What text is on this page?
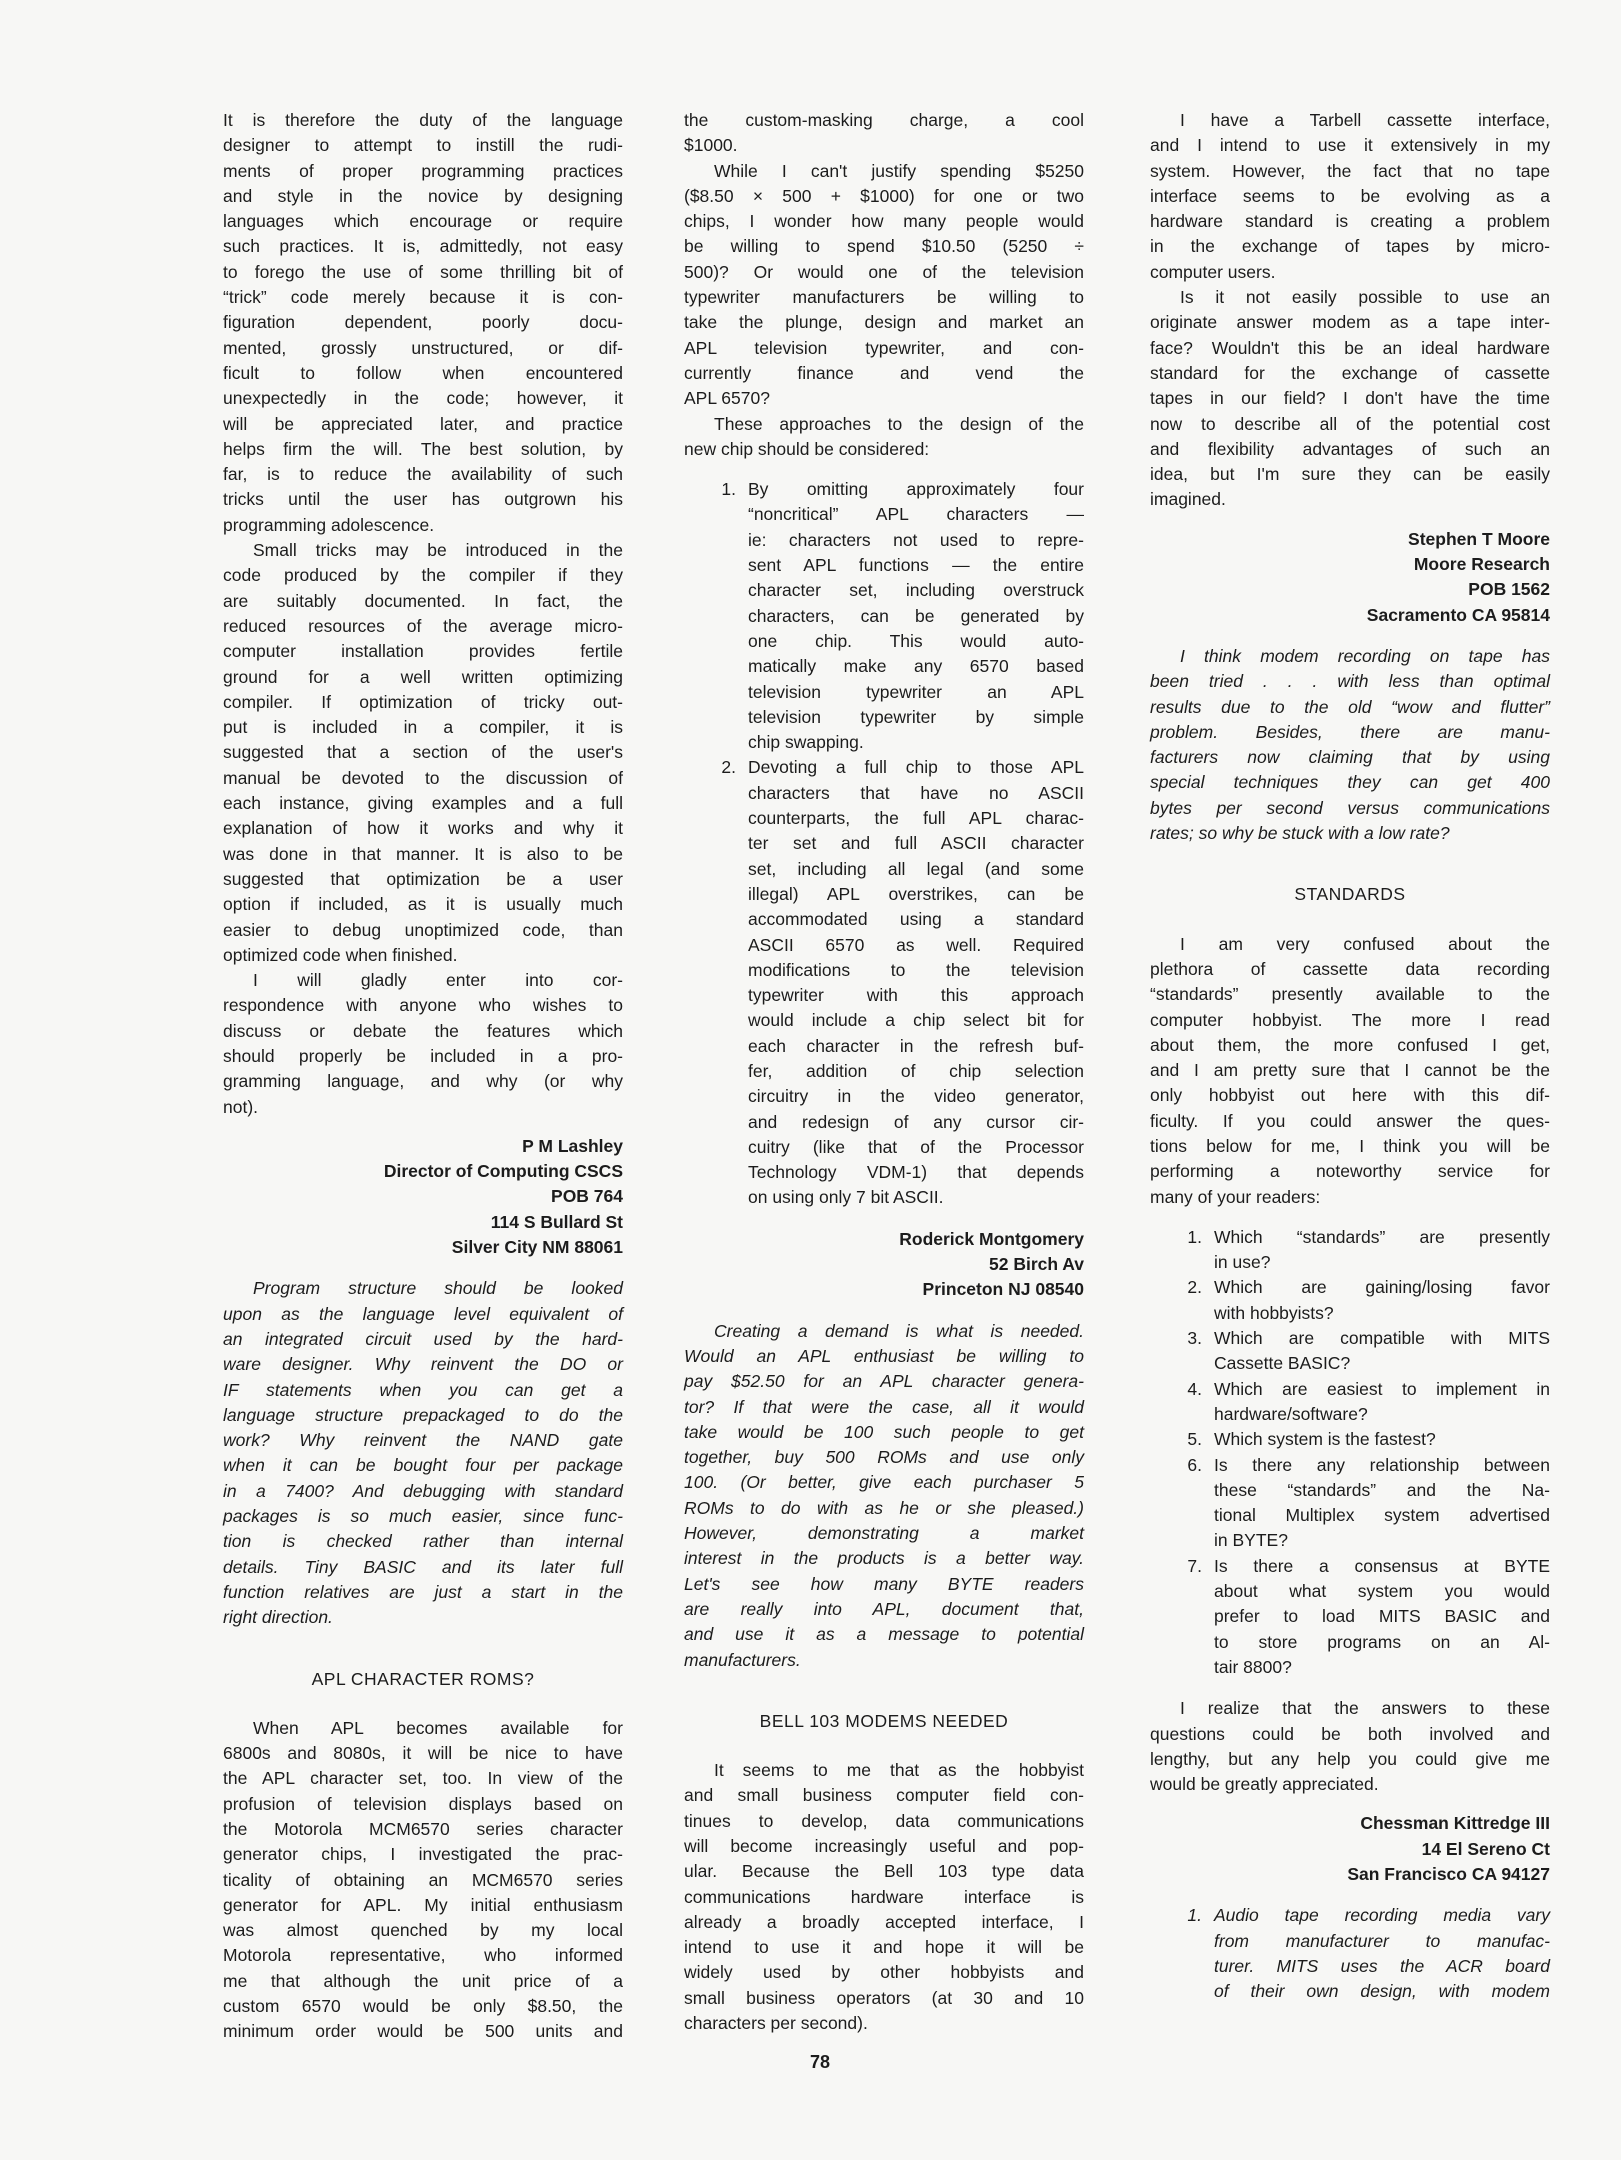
It is therefore the duty of the language
designer to attempt to instill the rudi-
ments of proper programming practices
and style in the novice by designing
languages which encourage or require
such practices. It is, admittedly, not easy
to forego the use of some thrilling bit of
“trick” code merely because it is con-
figuration dependent, poorly docu-
mented, grossly unstructured, or dif-
ficult to follow when encountered
unexpectedly in the code; however, it
will be appreciated later, and practice
helps firm the will. The best solution, by
far, is to reduce the availability of such
tricks until the user has outgrown his
programming adolescence.
Small tricks may be introduced in the
code produced by the compiler if they
are suitably documented. In fact, the
reduced resources of the average micro-
computer installation provides fertile
ground for a well written optimizing
compiler. If optimization of tricky out-
put is included in a compiler, it is
suggested that a section of the user's
manual be devoted to the discussion of
each instance, giving examples and a full
explanation of how it works and why it
was done in that manner. It is also to be
suggested that optimization be a user
option if included, as it is usually much
easier to debug unoptimized code, than
optimized code when finished.
I will gladly enter into cor-
respondence with anyone who wishes to
discuss or debate the features which
should properly be included in a pro-
gramming language, and why (or why
not).
P M Lashley
Director of Computing CSCS
POB 764
114 S Bullard St
Silver City NM 88061
Program structure should be looked
upon as the language level equivalent of
an integrated circuit used by the hard-
ware designer. Why reinvent the DO or
IF statements when you can get a
language structure prepackaged to do the
work? Why reinvent the NAND gate
when it can be bought four per package
in a 7400? And debugging with standard
packages is so much easier, since func-
tion is checked rather than internal
details. Tiny BASIC and its later full
function relatives are just a start in the
right direction.
APL CHARACTER ROMS?
When APL becomes available for
6800s and 8080s, it will be nice to have
the APL character set, too. In view of the
profusion of television displays based on
the Motorola MCM6570 series character
generator chips, I investigated the prac-
ticality of obtaining an MCM6570 series
generator for APL. My initial enthusiasm
was almost quenched by my local
Motorola representative, who informed
me that although the unit price of a
custom 6570 would be only $8.50, the
minimum order would be 500 units and
the custom-masking charge, a cool
$1000.
While I can't justify spending $5250
($8.50 × 500 + $1000) for one or two
chips, I wonder how many people would
be willing to spend $10.50 (5250 ÷
500)? Or would one of the television
typewriter manufacturers be willing to
take the plunge, design and market an
APL television typewriter, and con-
currently finance and vend the
APL 6570?
These approaches to the design of the
new chip should be considered:
1. By omitting approximately four
“noncritical” APL characters —
ie: characters not used to repre-
sent APL functions — the entire
character set, including overstruck
characters, can be generated by
one chip. This would auto-
matically make any 6570 based
television typewriter an APL
television typewriter by simple
chip swapping.
2. Devoting a full chip to those APL
characters that have no ASCII
counterparts, the full APL charac-
ter set and full ASCII character
set, including all legal (and some
illegal) APL overstrikes, can be
accommodated using a standard
ASCII 6570 as well. Required
modifications to the television
typewriter with this approach
would include a chip select bit for
each character in the refresh buf-
fer, addition of chip selection
circuitry in the video generator,
and redesign of any cursor cir-
cuitry (like that of the Processor
Technology VDM-1) that depends
on using only 7 bit ASCII.
Roderick Montgomery
52 Birch Av
Princeton NJ 08540
Creating a demand is what is needed.
Would an APL enthusiast be willing to
pay $52.50 for an APL character genera-
tor? If that were the case, all it would
take would be 100 such people to get
together, buy 500 ROMs and use only
100. (Or better, give each purchaser 5
ROMs to do with as he or she pleased.)
However, demonstrating a market
interest in the products is a better way.
Let's see how many BYTE readers
are really into APL, document that,
and use it as a message to potential
manufacturers.
BELL 103 MODEMS NEEDED
It seems to me that as the hobbyist
and small business computer field con-
tinues to develop, data communications
will become increasingly useful and pop-
ular. Because the Bell 103 type data
communications hardware interface is
already a broadly accepted interface, I
intend to use it and hope it will be
widely used by other hobbyists and
small business operators (at 30 and 10
characters per second).
I have a Tarbell cassette interface,
and I intend to use it extensively in my
system. However, the fact that no tape
interface seems to be evolving as a
hardware standard is creating a problem
in the exchange of tapes by micro-
computer users.
Is it not easily possible to use an
originate answer modem as a tape inter-
face? Wouldn't this be an ideal hardware
standard for the exchange of cassette
tapes in our field? I don't have the time
now to describe all of the potential cost
and flexibility advantages of such an
idea, but I'm sure they can be easily
imagined.
Stephen T Moore
Moore Research
POB 1562
Sacramento CA 95814
I think modem recording on tape has
been tried . . . with less than optimal
results due to the old “wow and flutter”
problem. Besides, there are manu-
facturers now claiming that by using
special techniques they can get 400
bytes per second versus communications
rates; so why be stuck with a low rate?
STANDARDS
I am very confused about the
plethora of cassette data recording
“standards” presently available to the
computer hobbyist. The more I read
about them, the more confused I get,
and I am pretty sure that I cannot be the
only hobbyist out here with this dif-
ficulty. If you could answer the ques-
tions below for me, I think you will be
performing a noteworthy service for
many of your readers:
1. Which “standards” are presently
in use?
2. Which are gaining/losing favor
with hobbyists?
3. Which are compatible with MITS
Cassette BASIC?
4. Which are easiest to implement in
hardware/software?
5. Which system is the fastest?
6. Is there any relationship between
these “standards” and the Na-
tional Multiplex system advertised
in BYTE?
7. Is there a consensus at BYTE
about what system you would
prefer to load MITS BASIC and
to store programs on an Al-
tair 8800?
I realize that the answers to these
questions could be both involved and
lengthy, but any help you could give me
would be greatly appreciated.
Chessman Kittredge III
14 El Sereno Ct
San Francisco CA 94127
1. Audio tape recording media vary
from manufacturer to manufac-
turer. MITS uses the ACR board
of their own design, with modem
78
